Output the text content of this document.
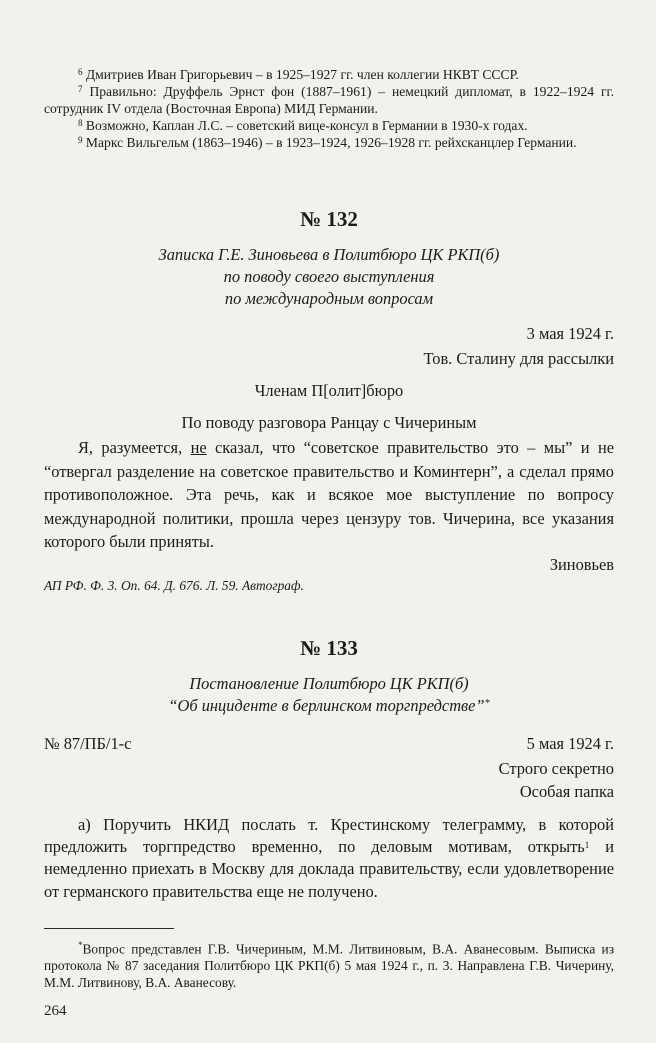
$^6$ Дмитриев Иван Григорьевич – в 1925–1927 гг. член коллегии НКВТ СССР.
$^7$ Правильно: Друффель Эрнст фон (1887–1961) – немецкий дипломат, в 1922–1924 гг. сотрудник IV отдела (Восточная Европа) МИД Германии.
$^8$ Возможно, Каплан Л.С. – советский вице-консул в Германии в 1930-х годах.
$^9$ Маркс Вильгельм (1863–1946) – в 1923–1924, 1926–1928 гг. рейхсканцлер Германии.
№ 132
Записка Г.Е. Зиновьева в Политбюро ЦК РКП(б)
по поводу своего выступления
по международным вопросам
3 мая 1924 г.
Тов. Сталину для рассылки
Членам П[олит]бюро
По поводу разговора Ранцау с Чичериным
Я, разумеется, не сказал, что “советское правительство это – мы” и не “отвергал разделение на советское правительство и Коминтерн”, а сделал прямо противоположное. Эта речь, как и всякое мое выступление по вопросу международной политики, прошла через цензуру тов. Чичерина, все указания которого были приняты.
Зиновьев
АП РФ. Ф. 3. Оп. 64. Д. 676. Л. 59. Автограф.
№ 133
Постановление Политбюро ЦК РКП(б)
“Об инциденте в берлинском торгпредстве”*
№ 87/ПБ/1-с	5 мая 1924 г.
Строго секретно
Особая папка
а) Поручить НКИД послать т. Крестинскому телеграмму, в которой предложить торгпредство временно, по деловым мотивам, открыть$^1$ и немедленно приехать в Москву для доклада правительству, если удовлетворение от германского правительства еще не получено.
*Вопрос представлен Г.В. Чичериным, М.М. Литвиновым, В.А. Аванесовым. Выписка из протокола № 87 заседания Политбюро ЦК РКП(б) 5 мая 1924 г., п. 3. Направлена Г.В. Чичерину, М.М. Литвинову, В.А. Аванесову.
264
